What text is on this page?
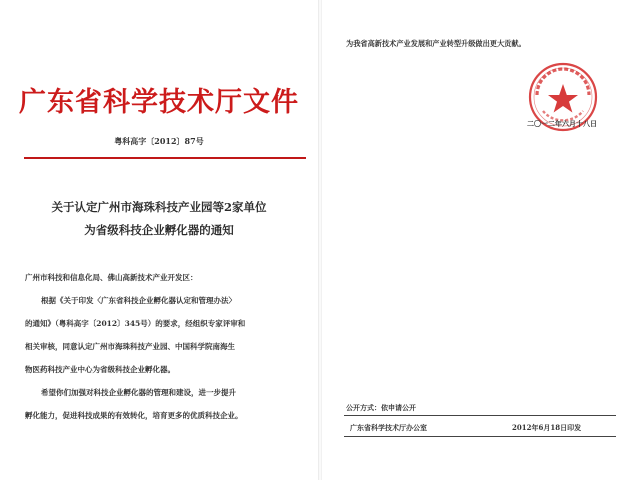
广东省科学技术厅文件
粤科高字〔2012〕87号
关于认定广州市海珠科技产业园等2家单位
为省级科技企业孵化器的通知
广州市科技和信息化局、佛山高新技术产业开发区：
根据《关于印发〈广东省科技企业孵化器认定和管理办法〉
的通知》（粤科高字〔2012〕345号）的要求，经组织专家评审和
相关审核，同意认定广州市海珠科技产业园、中国科学院南海生
物医药科技产业中心为省级科技企业孵化器。
希望你们加强对科技企业孵化器的管理和建设，进一步提升
孵化能力，促进科技成果的有效转化，培育更多的优质科技企业。
为我省高新技术产业发展和产业转型升级做出更大贡献。
二〇一二年六月十八日
公开方式：依申请公开
广东省科学技术厅办公室	2012年6月18日印发
